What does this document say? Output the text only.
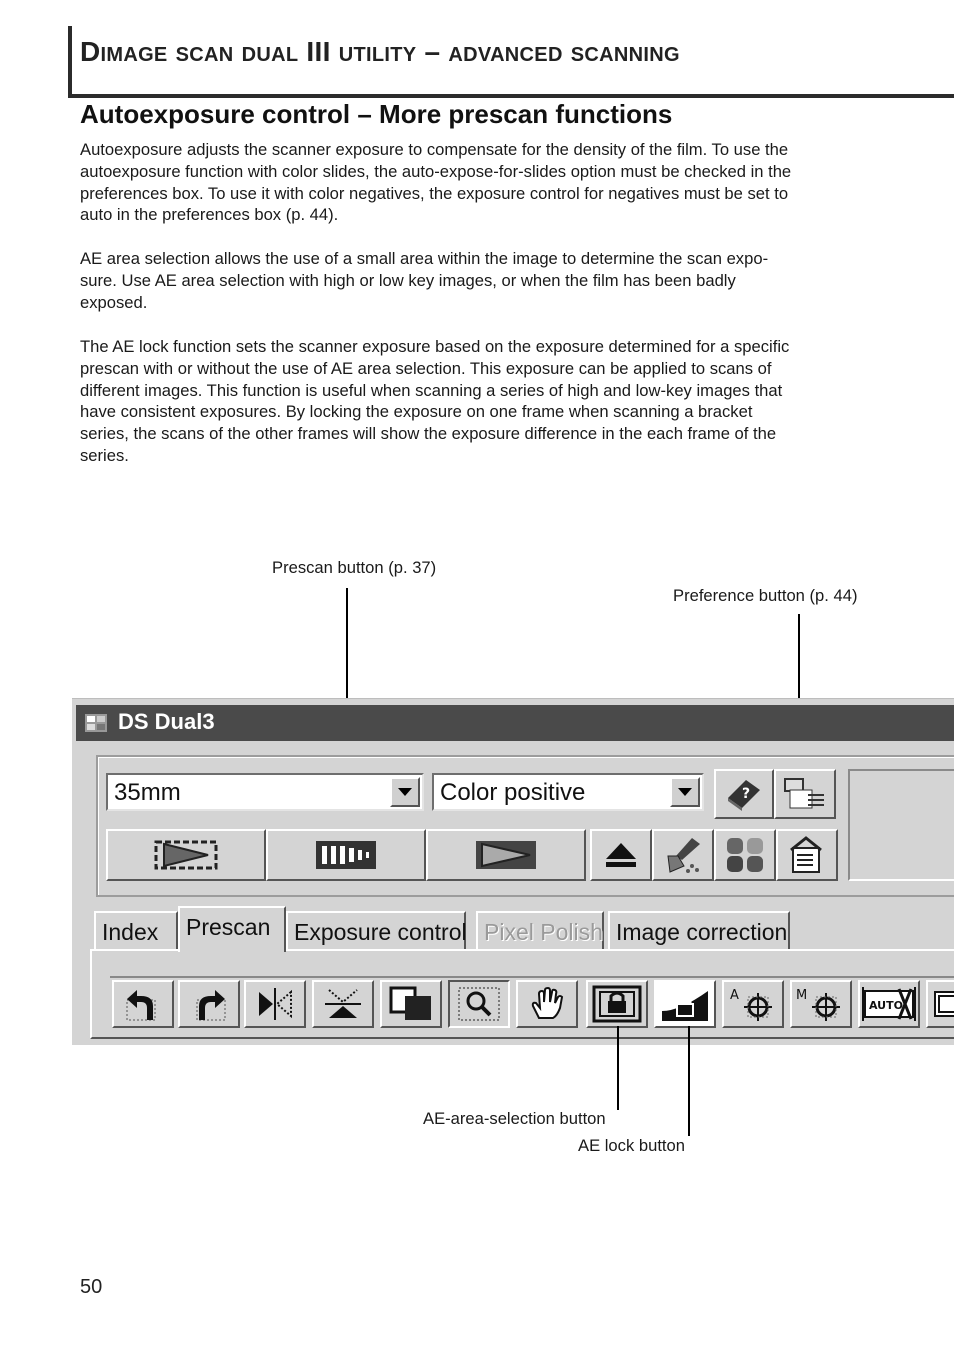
Dimage scan dual III utility – advanced scanning
Autoexposure control – More prescan functions
Autoexposure adjusts the scanner exposure to compensate for the density of the film. To use the
autoexposure function with color slides, the auto-expose-for-slides option must be checked in the
preferences box. To use it with color negatives, the exposure control for negatives must be set to
auto in the preferences box (p. 44).
AE area selection allows the use of a small area within the image to determine the scan expo-
sure. Use AE area selection with high or low key images, or when the film has been badly
exposed.
The AE lock function sets the scanner exposure based on the exposure determined for a specific
prescan with or without the use of AE area selection. This exposure can be applied to scans of
different images. This function is useful when scanning a series of high and low-key images that
have consistent exposures. By locking the exposure on one frame when scanning a bracket
series, the scans of the other frames will show the exposure difference in the each frame of the
series.
Prescan button (p. 37)
Preference button (p. 44)
DS Dual3
35mm	Color positive	?
Index	Prescan	Exposure control Pixel Polish Image correction
A	M
AUTO
AE-area-selection button
AE lock button
50
